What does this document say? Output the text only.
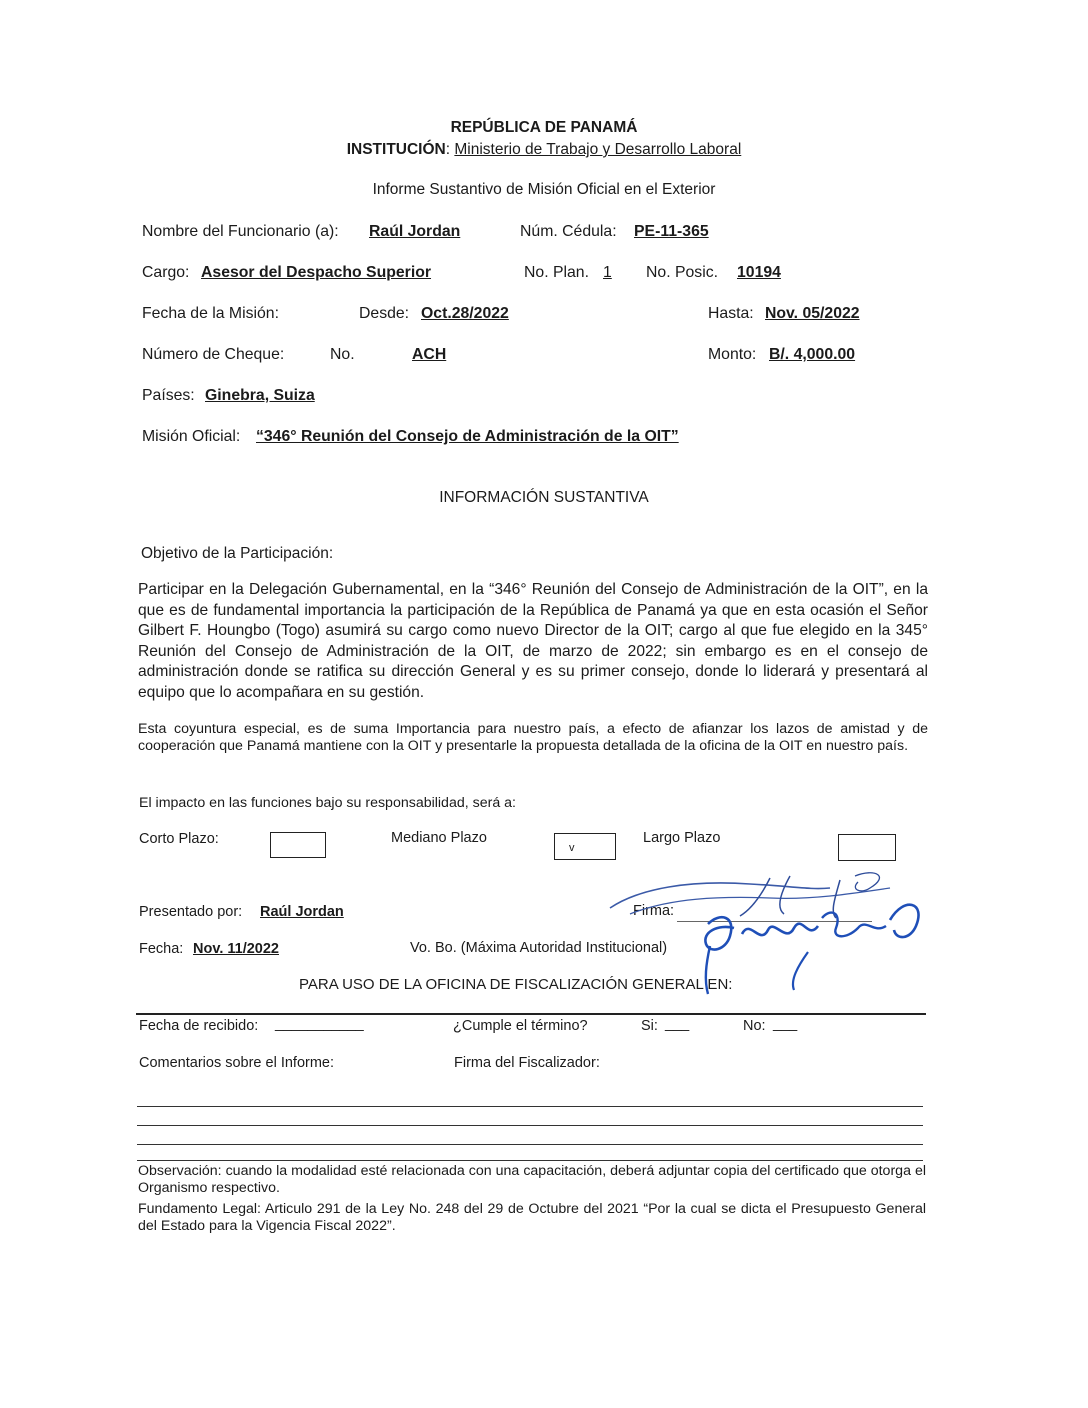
REPÚBLICA DE PANAMÁ
INSTITUCIÓN: Ministerio de Trabajo y Desarrollo Laboral
Informe Sustantivo de Misión Oficial en el Exterior
Nombre del Funcionario (a): Raúl Jordan	Núm. Cédula: PE-11-365
Cargo: Asesor del Despacho Superior	No. Plan. 1 No. Posic. 10194
Fecha de la Misión:	Desde: Oct.28/2022	Hasta: Nov. 05/2022
Número de Cheque:	No.	ACH	Monto: B/. 4,000.00
Países: Ginebra, Suiza
Misión Oficial: “346° Reunión del Consejo de Administración de la OIT”
INFORMACIÓN SUSTANTIVA
Objetivo de la Participación:
Participar en la Delegación Gubernamental, en la “346° Reunión del Consejo de Administración de la OIT”, en la que es de fundamental importancia la participación de la República de Panamá ya que en esta ocasión el Señor Gilbert F. Houngbo (Togo) asumirá su cargo como nuevo Director de la OIT; cargo al que fue elegido en la 345° Reunión del Consejo de Administración de la OIT, de marzo de 2022; sin embargo es en el consejo de administración donde se ratifica su dirección General y es su primer consejo, donde lo liderará y presentará al equipo que lo acompañara en su gestión.
Esta coyuntura especial, es de suma Importancia para nuestro país, a efecto de afianzar los lazos de amistad y de cooperación que Panamá mantiene con la OIT y presentarle la propuesta detallada de la oficina de la OIT en nuestro país.
El impacto en las funciones bajo su responsabilidad, será a:
Corto Plazo:	Mediano Plazo
v
Largo Plazo
Presentado por: Raúl Jordan	Firma:
Fecha: Nov. 11/2022	Vo. Bo. (Máxima Autoridad Institucional)
PARA USO DE LA OFICINA DE FISCALIZACIÓN GENERAL EN:
Fecha de recibido: ___________	¿Cumple el término?	Si: ___	No: ___
Comentarios sobre el Informe:	Firma del Fiscalizador:
Observación: cuando la modalidad esté relacionada con una capacitación, deberá adjuntar copia del certificado que otorga el Organismo respectivo.
Fundamento Legal: Articulo 291 de la Ley No. 248 del 29 de Octubre del 2021 “Por la cual se dicta el Presupuesto General del Estado para la Vigencia Fiscal 2022”.
